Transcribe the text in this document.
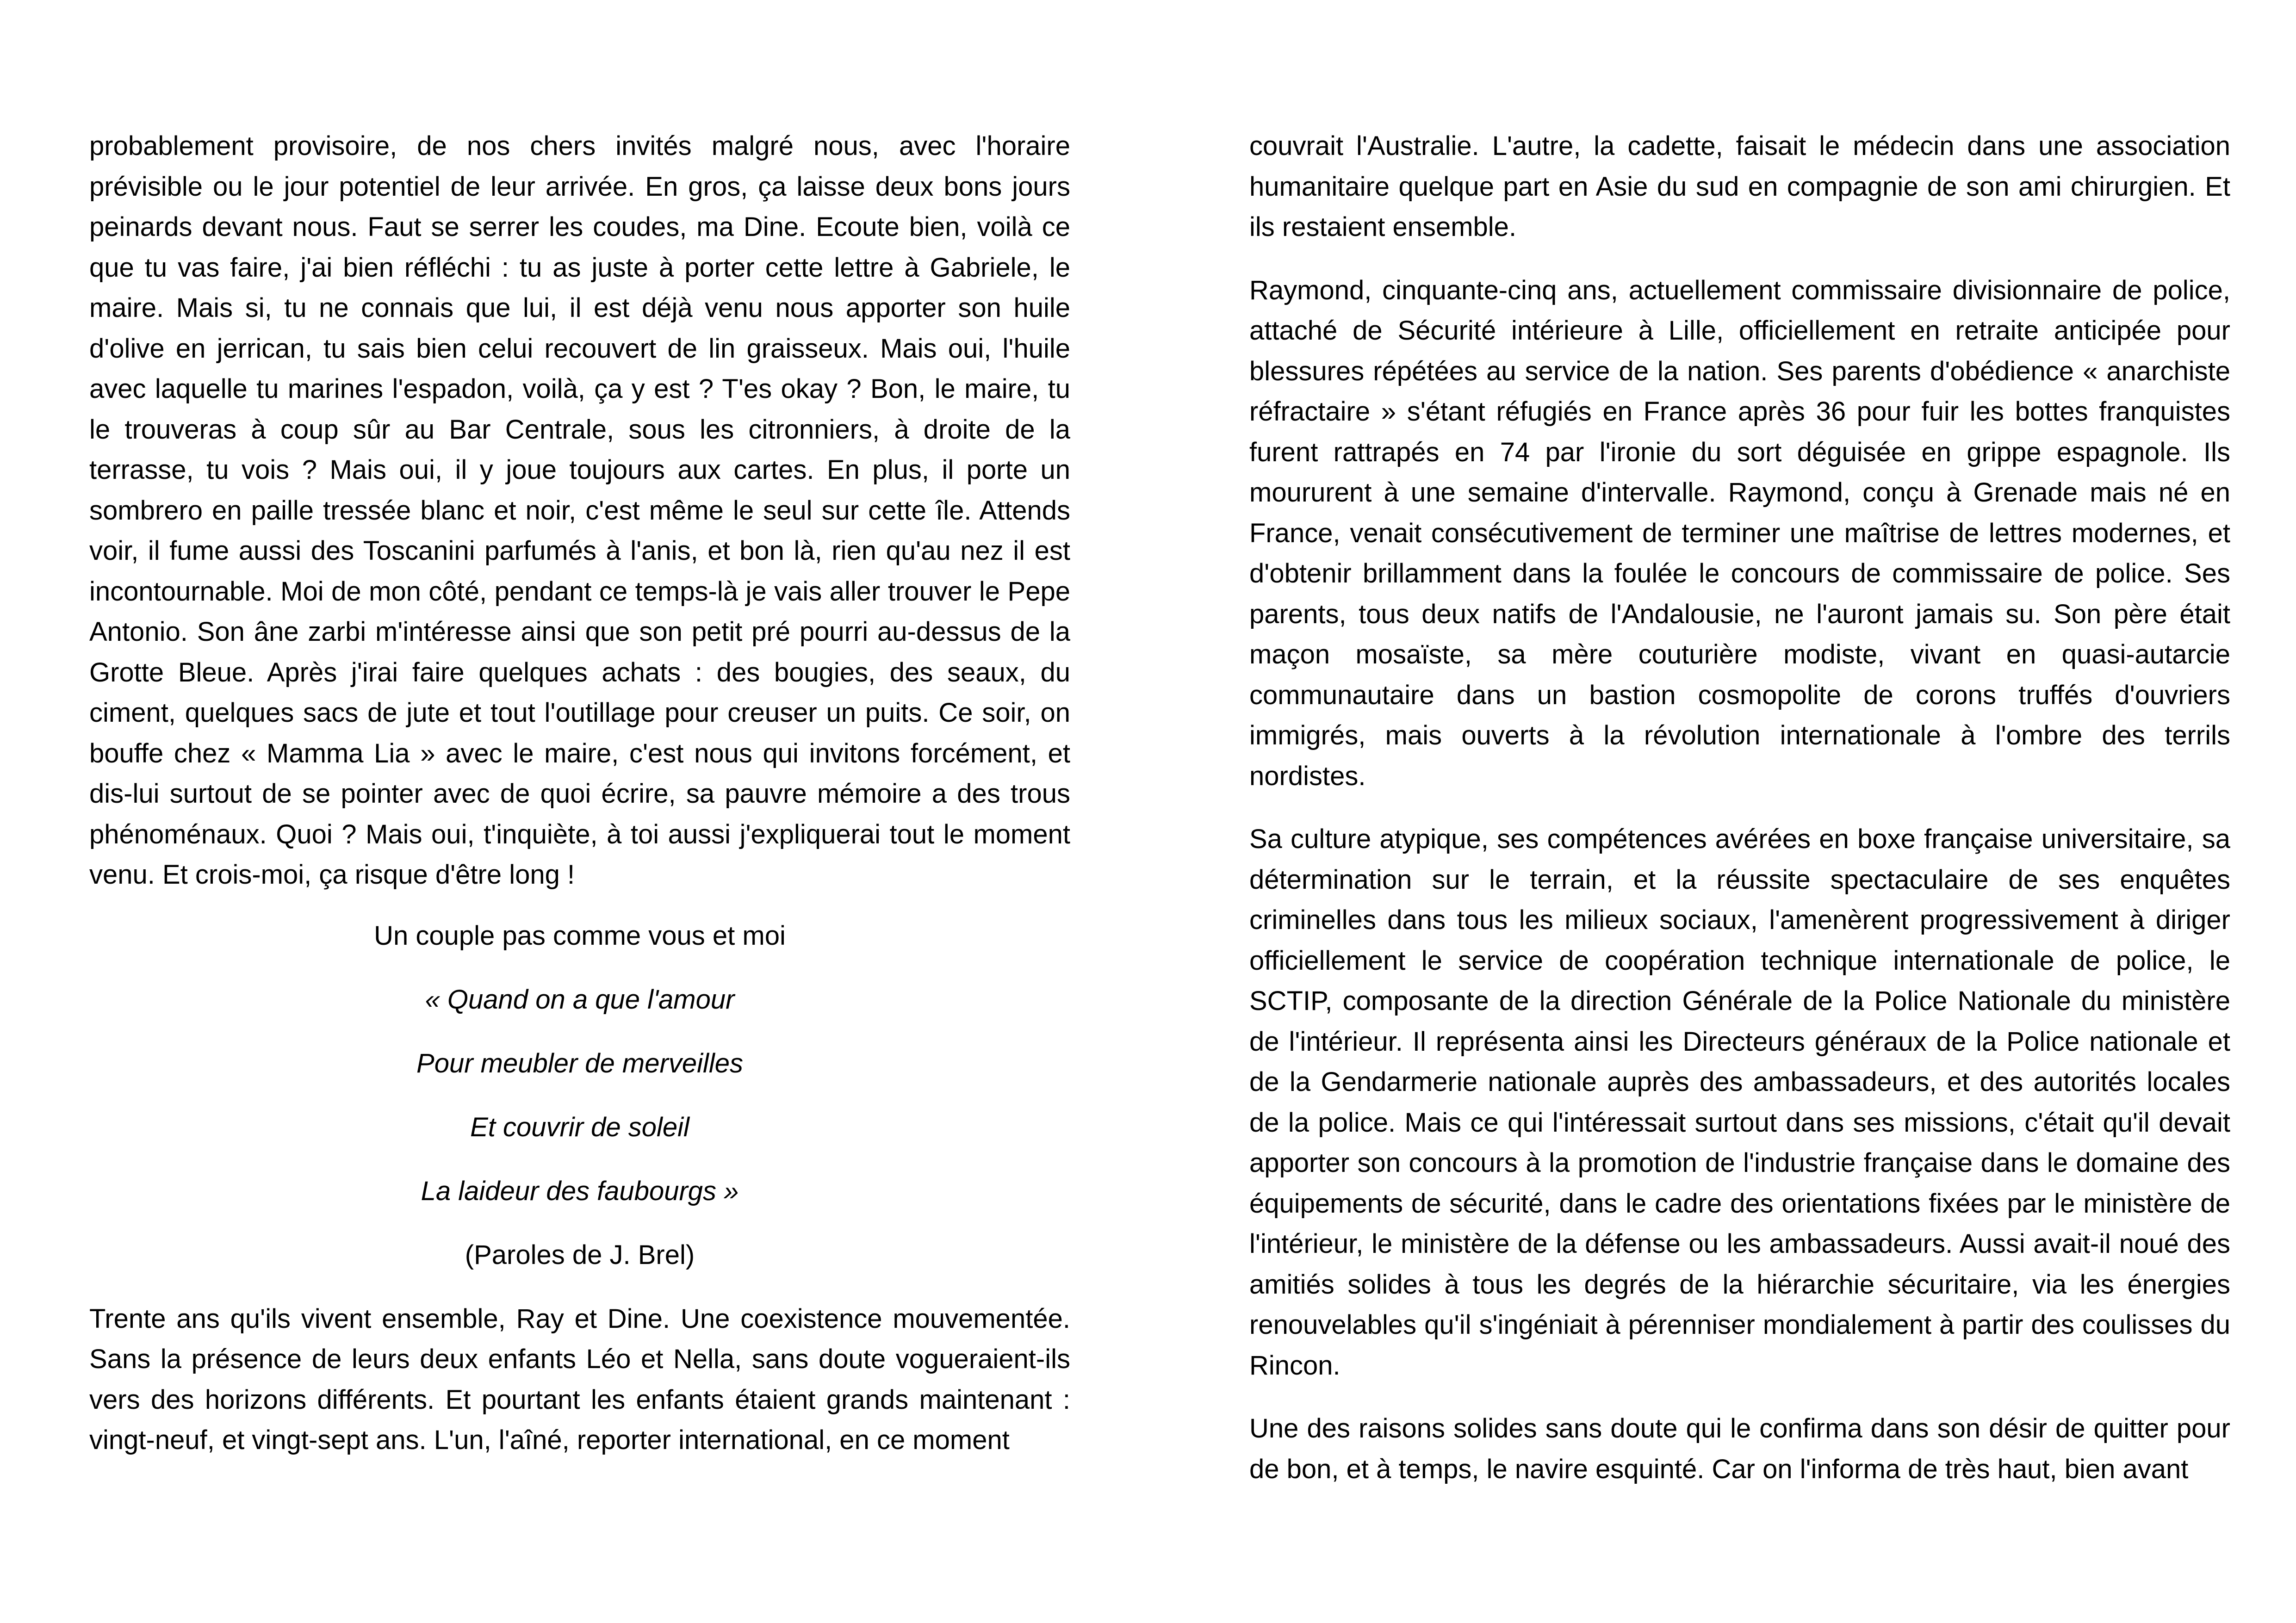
probablement provisoire, de nos chers invités malgré nous, avec l'horaire prévisible ou le jour potentiel de leur arrivée. En gros, ça laisse deux bons jours peinards devant nous. Faut se serrer les coudes, ma Dine. Ecoute bien, voilà ce que tu vas faire, j'ai bien réfléchi : tu as juste à porter cette lettre à Gabriele, le maire. Mais si, tu ne connais que lui, il est déjà venu nous apporter son huile d'olive en jerrican, tu sais bien celui recouvert de lin graisseux. Mais oui, l'huile avec laquelle tu marines l'espadon, voilà, ça y est ? T'es okay ? Bon, le maire, tu le trouveras à coup sûr au Bar Centrale, sous les citronniers, à droite de la terrasse, tu vois ? Mais oui, il y joue toujours aux cartes. En plus, il porte un sombrero en paille tressée blanc et noir, c'est même le seul sur cette île. Attends voir, il fume aussi des Toscanini parfumés à l'anis, et bon là, rien qu'au nez il est incontournable. Moi de mon côté, pendant ce temps-là je vais aller trouver le Pepe Antonio. Son âne zarbi m'intéresse ainsi que son petit pré pourri au-dessus de la Grotte Bleue. Après j'irai faire quelques achats : des bougies, des seaux, du ciment, quelques sacs de jute et tout l'outillage pour creuser un puits. Ce soir, on bouffe chez « Mamma Lia » avec le maire, c'est nous qui invitons forcément, et dis-lui surtout de se pointer avec de quoi écrire, sa pauvre mémoire a des trous phénoménaux. Quoi ? Mais oui, t'inquiète, à toi aussi j'expliquerai tout le moment venu. Et crois-moi, ça risque d'être long !

Un couple pas comme vous et moi

« Quand on a que l'amour

Pour meubler de merveilles

Et couvrir de soleil

La laideur des faubourgs »

(Paroles de J. Brel)

Trente ans qu'ils vivent ensemble, Ray et Dine. Une coexistence mouvementée. Sans la présence de leurs deux enfants Léo et Nella, sans doute vogueraient-ils vers des horizons différents. Et pourtant les enfants étaient grands maintenant : vingt-neuf, et vingt-sept ans. L'un, l'aîné, reporter international, en ce moment

couvrait l'Australie. L'autre, la cadette, faisait le médecin dans une association humanitaire quelque part en Asie du sud en compagnie de son ami chirurgien. Et ils restaient ensemble.

Raymond, cinquante-cinq ans, actuellement commissaire divisionnaire de police, attaché de Sécurité intérieure à Lille, officiellement en retraite anticipée pour blessures répétées au service de la nation. Ses parents d'obédience « anarchiste réfractaire » s'étant réfugiés en France après 36 pour fuir les bottes franquistes furent rattrapés en 74 par l'ironie du sort déguisée en grippe espagnole. Ils moururent à une semaine d'intervalle. Raymond, conçu à Grenade mais né en France, venait consécutivement de terminer une maîtrise de lettres modernes, et d'obtenir brillamment dans la foulée le concours de commissaire de police. Ses parents, tous deux natifs de l'Andalousie, ne l'auront jamais su. Son père était maçon mosaïste, sa mère couturière modiste, vivant en quasi-autarcie communautaire dans un bastion cosmopolite de corons truffés d'ouvriers immigrés, mais ouverts à la révolution internationale à l'ombre des terrils nordistes.

Sa culture atypique, ses compétences avérées en boxe française universitaire, sa détermination sur le terrain, et la réussite spectaculaire de ses enquêtes criminelles dans tous les milieux sociaux, l'amenèrent progressivement à diriger officiellement le service de coopération technique internationale de police, le SCTIP, composante de la direction Générale de la Police Nationale du ministère de l'intérieur. Il représenta ainsi les Directeurs généraux de la Police nationale et de la Gendarmerie nationale auprès des ambassadeurs, et des autorités locales de la police. Mais ce qui l'intéressait surtout dans ses missions, c'était qu'il devait apporter son concours à la promotion de l'industrie française dans le domaine des équipements de sécurité, dans le cadre des orientations fixées par le ministère de l'intérieur, le ministère de la défense ou les ambassadeurs. Aussi avait-il noué des amitiés solides à tous les degrés de la hiérarchie sécuritaire, via les énergies renouvelables qu'il s'ingéniait à pérenniser mondialement à partir des coulisses du Rincon.

Une des raisons solides sans doute qui le confirma dans son désir de quitter pour de bon, et à temps, le navire esquinté. Car on l'informa de très haut, bien avant
